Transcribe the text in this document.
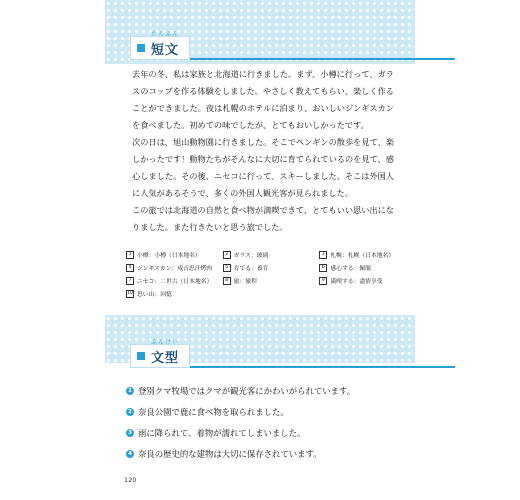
たんぶん
短文

去年の冬、私は家族と北海道に行きました。まず、小樽に行って、ガラスのコップを作る体験をしました。やさしく教えてもらい、楽しく作ることができました。夜は札幌のホテルに泊まり、おいしいジンギスカンを食べました。初めての味でしたが、とてもおいしかったです。

次の日は、旭山動物園に行きました。そこでペンギンの散歩を見て、楽しかったです！動物たちがそんなに大切に育てられているのを見て、感心しました。その後、ニセコに行って、スキーしました。そこは外国人に人気があるそうで、多くの外国人観光客が見られました。

この旅では北海道の自然と食べ物が満喫できて、とてもいい思い出になりました。また行きたいと思う旅でした。

1 小樽：小樽（日本地名）	2 ガラス：玻璃	3 札幌：札幌（日本地名）
4 ジンギスカン：成吉思汗烤肉	5 育てる：養育	6 感心する：佩服
7 ニセコ：二世古（日本地名）	8 旅：旅程	9 満喫する：盡情享受
10 思い出：回憶
ぶんけい
文型
1 登別クマ牧場ではクマが観光客にかわいがられています。
2 奈良公園で鹿に食べ物を取られました。
3 雨に降られて、着物が濡れてしまいました。
4 奈良の歴史的な建物は大切に保存されています。
120
